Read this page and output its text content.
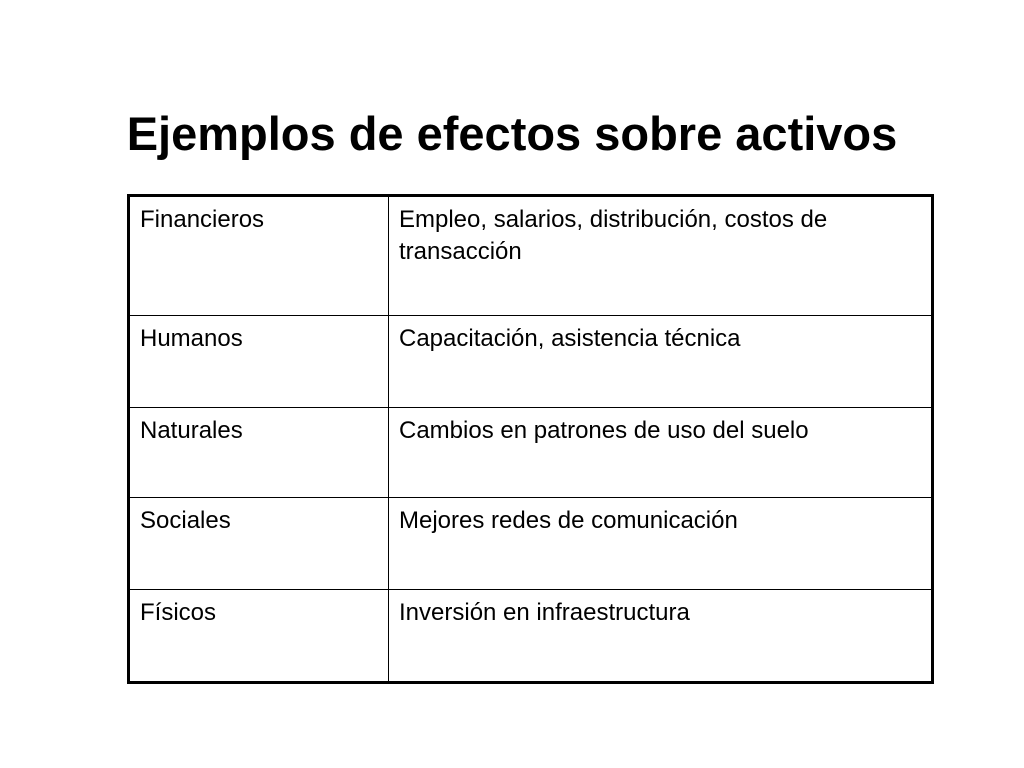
Ejemplos de efectos sobre activos
Financieros	Empleo, salarios, distribución, costos de transacción
Humanos	Capacitación, asistencia técnica
Naturales	Cambios en patrones de uso del suelo
Sociales	Mejores redes de comunicación
Físicos	Inversión en infraestructura
